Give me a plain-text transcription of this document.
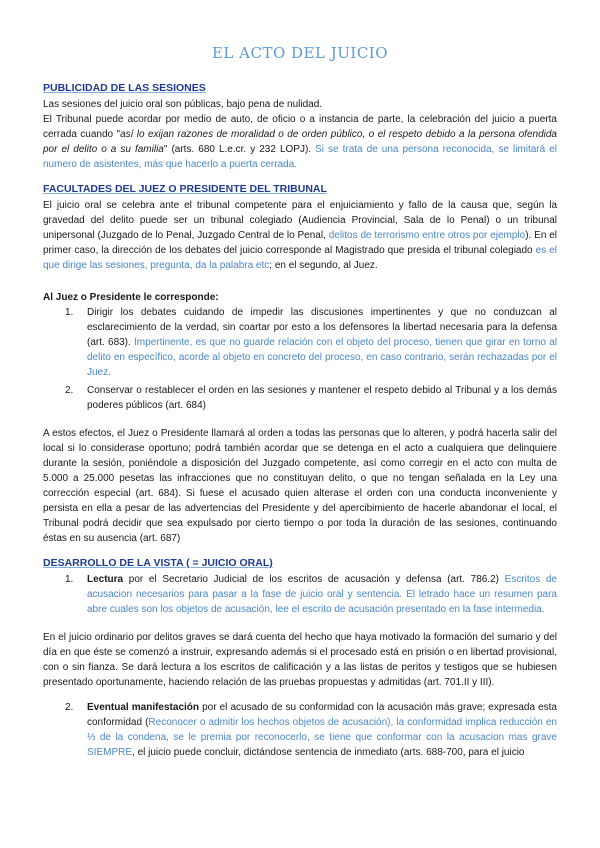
EL ACTO DEL JUICIO
PUBLICIDAD DE LAS SESIONES

Las sesiones del juicio oral son públicas, bajo pena de nulidad.

El Tribunal puede acordar por medio de auto, de oficio o a instancia de parte, la celebración del juicio a puerta cerrada cuando "así lo exijan razones de moralidad o de orden público, o el respeto debido a la persona ofendida por el delito o a su familia" (arts. 680 L.e.cr. y 232 LOPJ). Si se trata de una persona reconocida, se limitará el numero de asistentes, más que hacerlo a puerta cerrada.

FACULTADES DEL JUEZ O PRESIDENTE DEL TRIBUNAL

El juicio oral se celebra ante el tribunal competente para el enjuiciamiento y fallo de la causa que, según la gravedad del delito puede ser un tribunal colegiado (Audiencia Provincial, Sala de lo Penal) o un tribunal unipersonal (Juzgado de lo Penal, Juzgado Central de lo Penal, delitos de terrorismo entre otros por ejemplo). En el primer caso, la dirección de los debates del juicio corresponde al Magistrado que presida el tribunal colegiado es el que dirige las sesiones, pregunta, da la palabra etc; en el segundo, al Juez.

Al Juez o Presidente le corresponde:
1.	Dirigir los debates cuidando de impedir las discusiones impertinentes y que no conduzcan al esclarecimiento de la verdad, sin coartar por esto a los defensores la libertad necesaria para la defensa (art. 683). Impertinente, es que no guarde relación con el objeto del proceso, tienen que girar en torno al delito en específico, acorde al objeto en concreto del proceso, en caso contrario, serán rechazadas por el Juez.
2.	Conservar o restablecer el orden en las sesiones y mantener el respeto debido al Tribunal y a los demás poderes públicos (art. 684)

A estos efectos, el Juez o Presidente llamará al orden a todas las personas que lo alteren, y podrá hacerla salir del local si lo considerase oportuno; podrá también acordar que se detenga en el acto a cualquiera que delinquiere durante la sesión, poniéndole a disposición del Juzgado competente, así como corregir en el acto con multa de 5.000 a 25.000 pesetas las infracciones que no constituyan delito, o que no tengan señalada en la Ley una corrección especial (art. 684). Si fuese el acusado quien alterase el orden con una conducta inconveniente y persista en ella a pesar de las advertencias del Presidente y del apercibimiento de hacerle abandonar el local, el Tribunal podrá decidir que sea expulsado por cierto tiempo o por toda la duración de las sesiones, continuando éstas en su ausencia (art. 687)

DESARROLLO DE LA VISTA ( = JUICIO ORAL)
1.	Lectura por el Secretario Judicial de los escritos de acusación y defensa (art. 786.2) Escritos de acusacion necesarios para pasar a la fase de juicio oral y sentencia. El letrado hace un resumen para abre cuales son los objetos de acusación, lee el escrito de acusación presentado en la fase intermedia.

En el juicio ordinario por delitos graves se dará cuenta del hecho que haya motivado la formación del sumario y del día en que éste se comenzó a instruir, expresando además si el procesado está en prisión o en libertad provisional, con o sin fianza. Se dará lectura a los escritos de calificación y a las listas de peritos y testigos que se hubiesen presentado oportunamente, haciendo relación de las pruebas propuestas y admitidas (art. 701.II y III).

2.	Eventual manifestación por el acusado de su conformidad con la acusación más grave; expresada esta conformidad (Reconocer o admitir los hechos objetos de acusación), la conformidad implica reducción en ⅓ de la condena, se le premia por reconocerlo, se tiene que conformar con la acusacion mas grave SIEMPRE, el juicio puede concluir, dictándose sentencia de inmediato (arts. 688-700, para el juicio
